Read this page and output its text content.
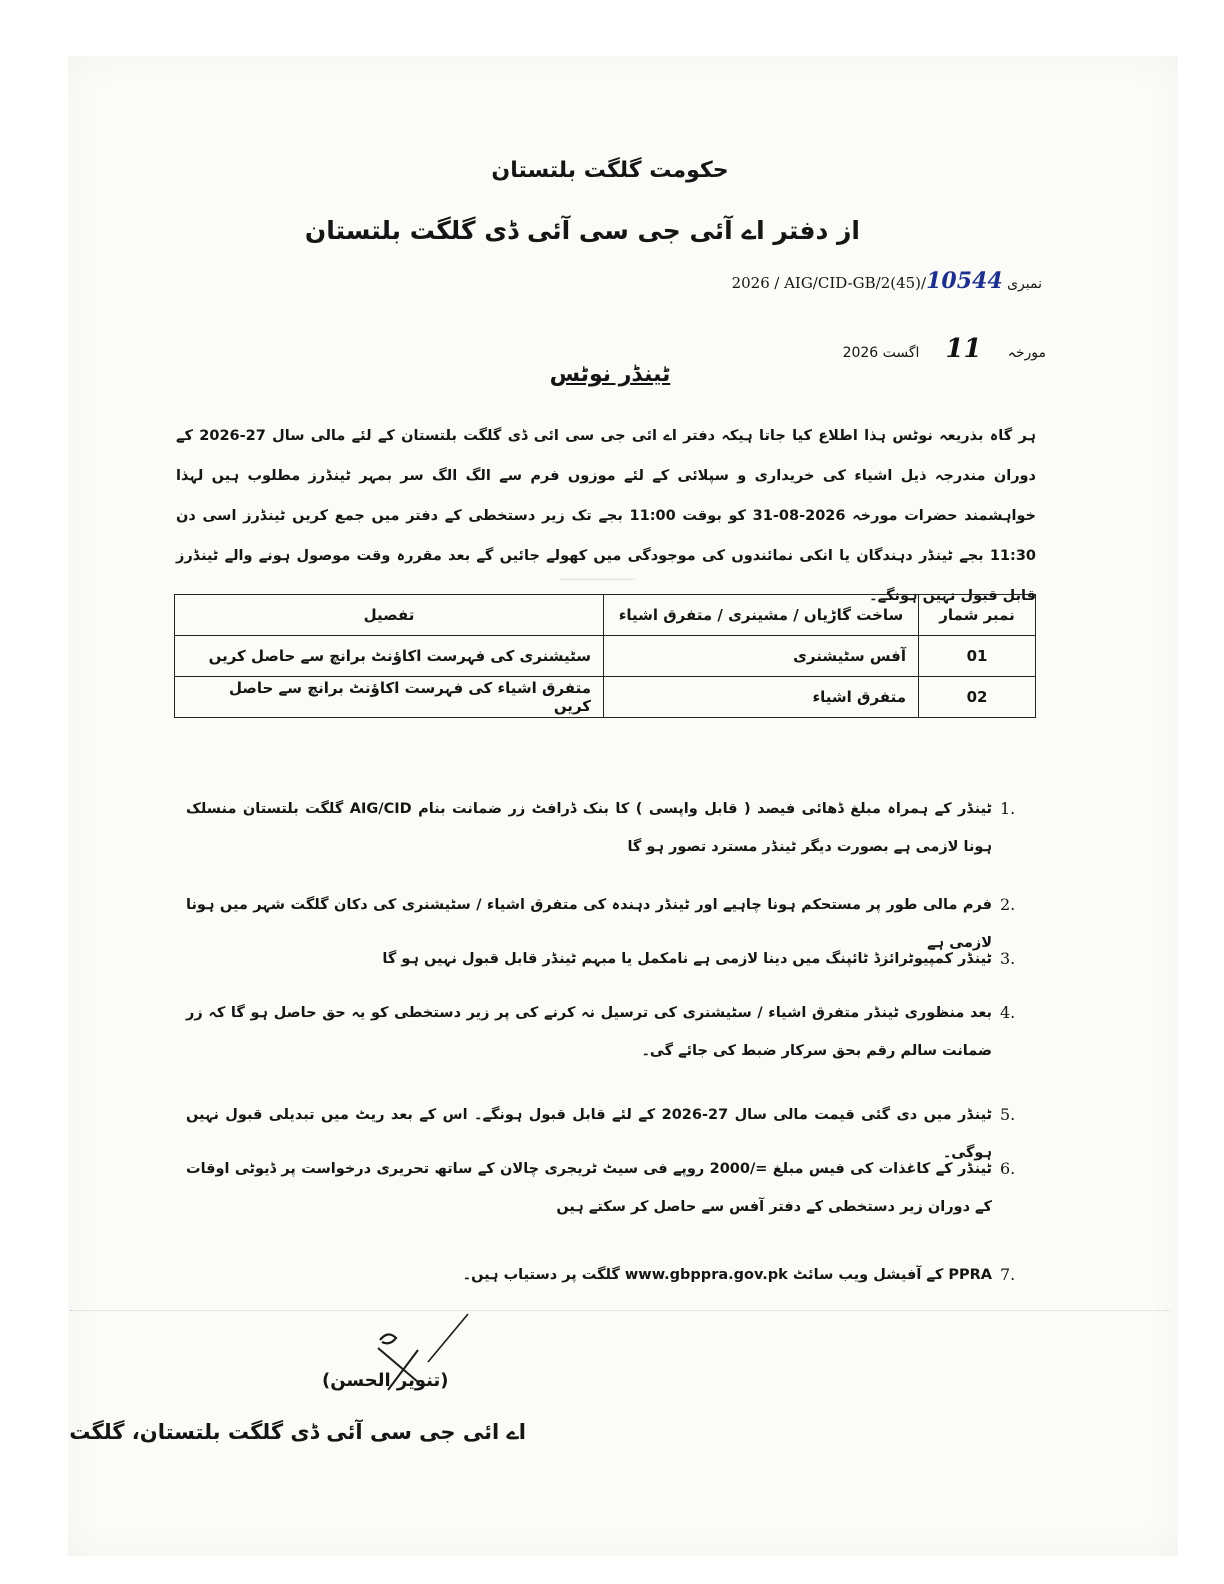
▁▁▁▁▁▁▁
حکومت گلگت بلتستان
از دفتر اے آئی جی سی آئی ڈی گلگت بلتستان
نمبری 2026 / AIG/CID-GB/2(45)/10544
مورخہ
11
اگست 2026
ٹینڈر نوٹس
ہر گاہ بذریعہ نوٹس ہذا اطلاع کیا جاتا ہیکہ دفتر اے ائی جی سی ائی ڈی گلگت بلتستان کے لئے مالی سال 27-2026 کے دوران مندرجہ ذیل اشیاء کی خریداری و سپلائی کے لئے موزوں فرم سے الگ الگ سر بمہر ٹینڈرز مطلوب ہیں لہذا خواہشمند حضرات مورخہ 2026-08-31 کو بوقت 11:00 بجے تک زیر دستخطی کے دفتر میں جمع کریں ٹینڈرز اسی دن 11:30 بجے ٹینڈر دہندگان یا انکی نمائندوں کی موجودگی میں کھولے جائیں گے بعد مقررہ وقت موصول ہونے والے ٹینڈرز قابل قبول نہیں ہونگے۔
نمبر شمار	ساخت گاڑیاں / مشینری / متفرق اشیاء	تفصیل
01	آفس سٹیشنری	سٹیشنری کی فہرست اکاؤنٹ برانچ سے حاصل کریں
02	متفرق اشیاء	متفرق اشیاء کی فہرست اکاؤنٹ برانچ سے حاصل کریں
1.
ٹینڈر کے ہمراہ مبلغ ڈھائی فیصد ( قابل واپسی ) کا بنک ڈرافٹ زر ضمانت بنام AIG/CID گلگت بلتستان منسلک ہونا لازمی ہے بصورت دیگر ٹینڈر مسترد تصور ہو گا
2.
فرم مالی طور پر مستحکم ہونا چاہیے اور ٹینڈر دہندہ کی متفرق اشیاء / سٹیشنری کی دکان گلگت شہر میں ہونا لازمی ہے
3.
ٹینڈر کمپیوٹرائزڈ ٹائپنگ میں دینا لازمی ہے نامکمل یا مبہم ٹینڈر قابل قبول نہیں ہو گا
4.
بعد منظوری ٹینڈر متفرق اشیاء / سٹیشنری کی ترسیل نہ کرنے کی پر زیر دستخطی کو یہ حق حاصل ہو گا کہ زر ضمانت سالم رقم بحق سرکار ضبط کی جائے گی۔
5.
ٹینڈر میں دی گئی قیمت مالی سال 27-2026 کے لئے قابل قبول ہونگے۔ اس کے بعد ریٹ میں تبدیلی قبول نہیں ہوگی۔
6.
ٹینڈر کے کاغذات کی فیس مبلغ =/2000 روپے فی سیٹ ٹریجری چالان کے ساتھ تحریری درخواست پر ڈیوٹی اوقات کے دوران زیر دستخطی کے دفتر آفس سے حاصل کر سکتے ہیں
7.
PPRA کے آفیشل ویب سائٹ www.gbppra.gov.pk گلگت پر دستیاب ہیں۔
(تنویر الحسن)
اے ائی جی سی آئی ڈی گلگت بلتستان، گلگت
